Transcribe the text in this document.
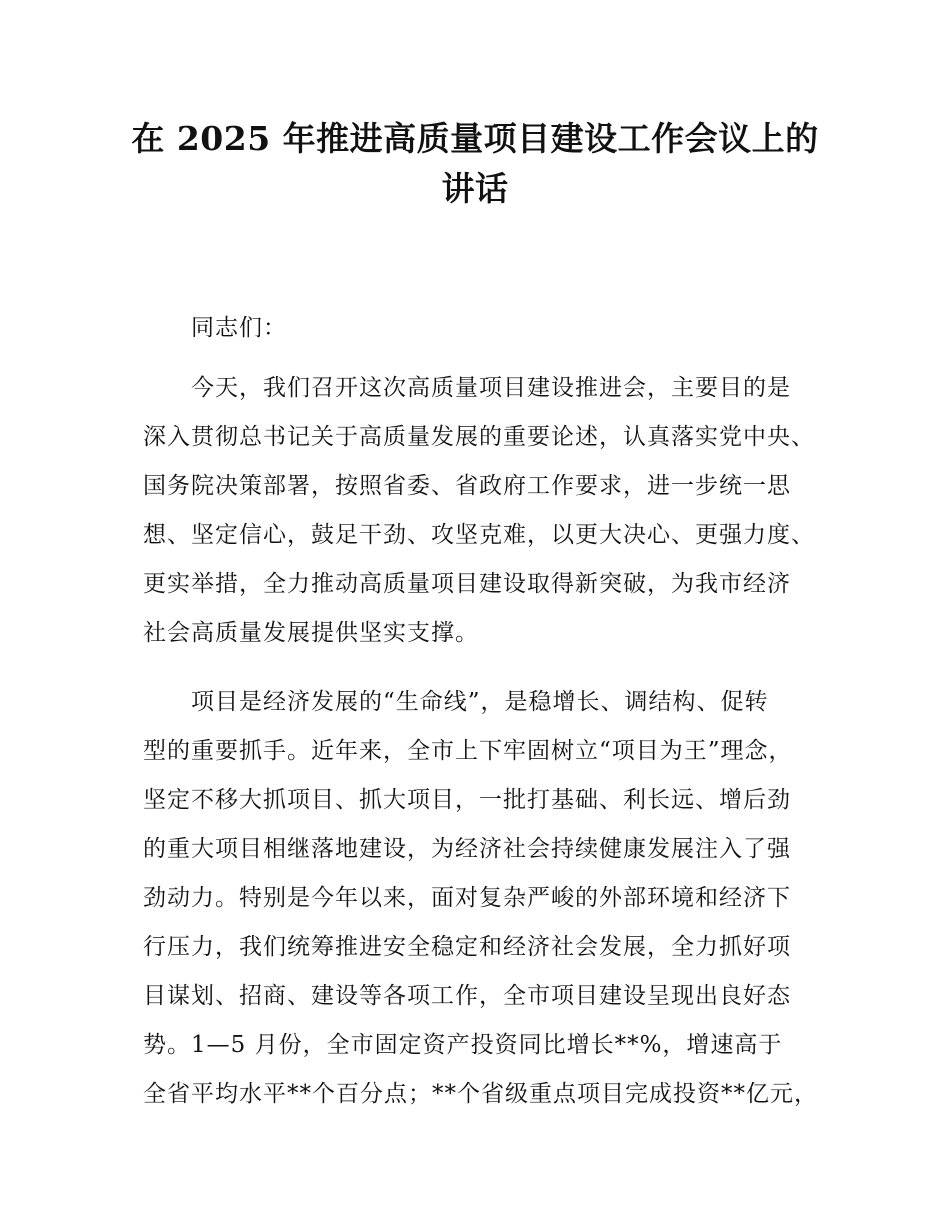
在 2025 年推进高质量项目建设工作会议上的
讲话
同志们：
今天，我们召开这次高质量项目建设推进会，主要目的是
深入贯彻总书记关于高质量发展的重要论述，认真落实党中央、
国务院决策部署，按照省委、省政府工作要求，进一步统一思
想、坚定信心，鼓足干劲、攻坚克难，以更大决心、更强力度、
更实举措，全力推动高质量项目建设取得新突破，为我市经济
社会高质量发展提供坚实支撑。
项目是经济发展的“生命线”，是稳增长、调结构、促转
型的重要抓手。近年来，全市上下牢固树立“项目为王”理念，
坚定不移大抓项目、抓大项目，一批打基础、利长远、增后劲
的重大项目相继落地建设，为经济社会持续健康发展注入了强
劲动力。特别是今年以来，面对复杂严峻的外部环境和经济下
行压力，我们统筹推进安全稳定和经济社会发展，全力抓好项
目谋划、招商、建设等各项工作，全市项目建设呈现出良好态
势。1—5 月份，全市固定资产投资同比增长**%，增速高于
全省平均水平**个百分点；**个省级重点项目完成投资**亿元，
